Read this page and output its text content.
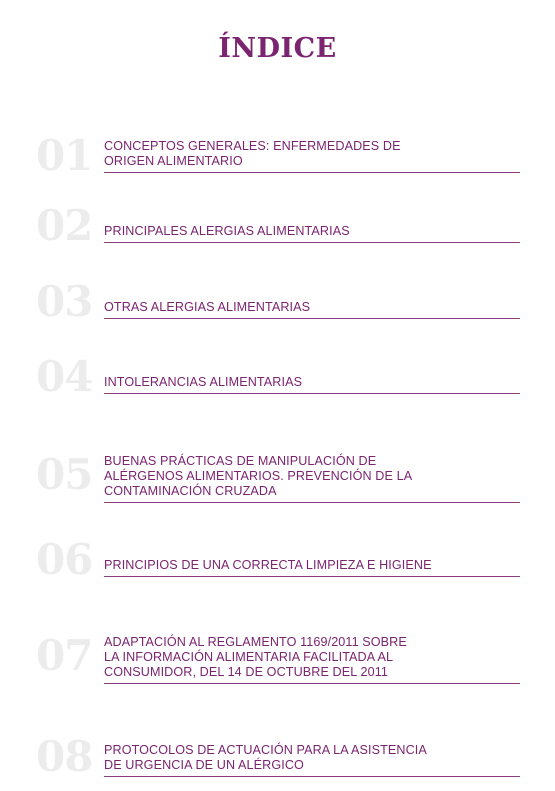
ÍNDICE
01 CONCEPTOS GENERALES: ENFERMEDADES DE
ORIGEN ALIMENTARIO
02 PRINCIPALES ALERGIAS ALIMENTARIAS
03 OTRAS ALERGIAS ALIMENTARIAS
04 INTOLERANCIAS ALIMENTARIAS
05 BUENAS PRÁCTICAS DE MANIPULACIÓN DE
ALÉRGENOS ALIMENTARIOS. PREVENCIÓN DE LA
CONTAMINACIÓN CRUZADA
06 PRINCIPIOS DE UNA CORRECTA LIMPIEZA E HIGIENE
07 ADAPTACIÓN AL REGLAMENTO 1169/2011 SOBRE
LA INFORMACIÓN ALIMENTARIA FACILITADA AL
CONSUMIDOR, DEL 14 DE OCTUBRE DEL 2011
08 PROTOCOLOS DE ACTUACIÓN PARA LA ASISTENCIA
DE URGENCIA DE UN ALÉRGICO
